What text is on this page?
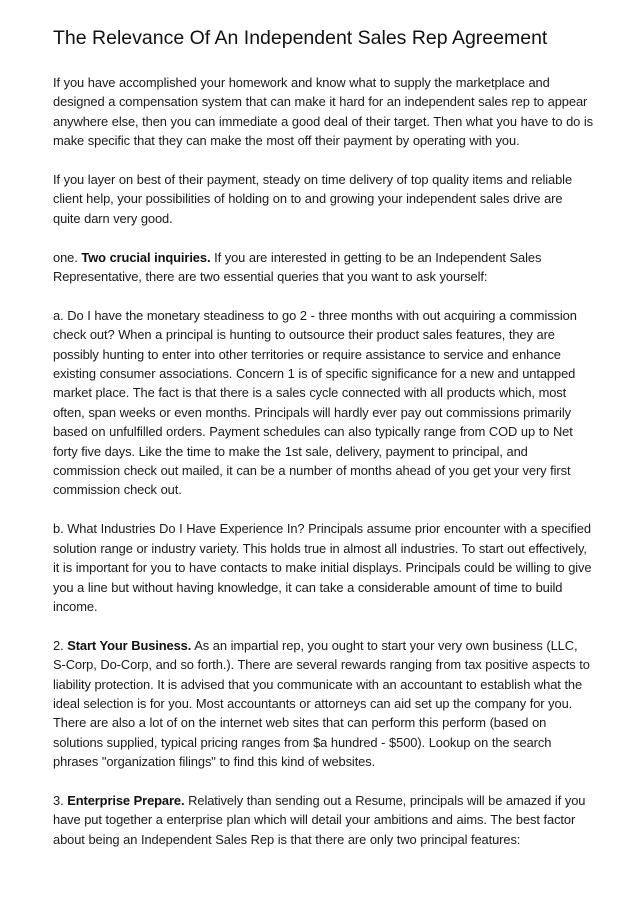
The Relevance Of An Independent Sales Rep Agreement

If you have accomplished your homework and know what to supply the marketplace and designed a compensation system that can make it hard for an independent sales rep to appear anywhere else, then you can immediate a good deal of their target. Then what you have to do is make specific that they can make the most off their payment by operating with you.

If you layer on best of their payment, steady on time delivery of top quality items and reliable client help, your possibilities of holding on to and growing your independent sales drive are quite darn very good.

one. Two crucial inquiries. If you are interested in getting to be an Independent Sales Representative, there are two essential queries that you want to ask yourself:

a. Do I have the monetary steadiness to go 2 - three months with out acquiring a commission check out? When a principal is hunting to outsource their product sales features, they are possibly hunting to enter into other territories or require assistance to service and enhance existing consumer associations. Concern 1 is of specific significance for a new and untapped market place. The fact is that there is a sales cycle connected with all products which, most often, span weeks or even months. Principals will hardly ever pay out commissions primarily based on unfulfilled orders. Payment schedules can also typically range from COD up to Net forty five days. Like the time to make the 1st sale, delivery, payment to principal, and commission check out mailed, it can be a number of months ahead of you get your very first commission check out.

b. What Industries Do I Have Experience In? Principals assume prior encounter with a specified solution range or industry variety. This holds true in almost all industries. To start out effectively, it is important for you to have contacts to make initial displays. Principals could be willing to give you a line but without having knowledge, it can take a considerable amount of time to build income.

2. Start Your Business. As an impartial rep, you ought to start your very own business (LLC, S-Corp, Do-Corp, and so forth.). There are several rewards ranging from tax positive aspects to liability protection. It is advised that you communicate with an accountant to establish what the ideal selection is for you. Most accountants or attorneys can aid set up the company for you. There are also a lot of on the internet web sites that can perform this perform (based on solutions supplied, typical pricing ranges from $a hundred - $500). Lookup on the search phrases "organization filings" to find this kind of websites.

3. Enterprise Prepare. Relatively than sending out a Resume, principals will be amazed if you have put together a enterprise plan which will detail your ambitions and aims. The best factor about being an Independent Sales Rep is that there are only two principal features:
